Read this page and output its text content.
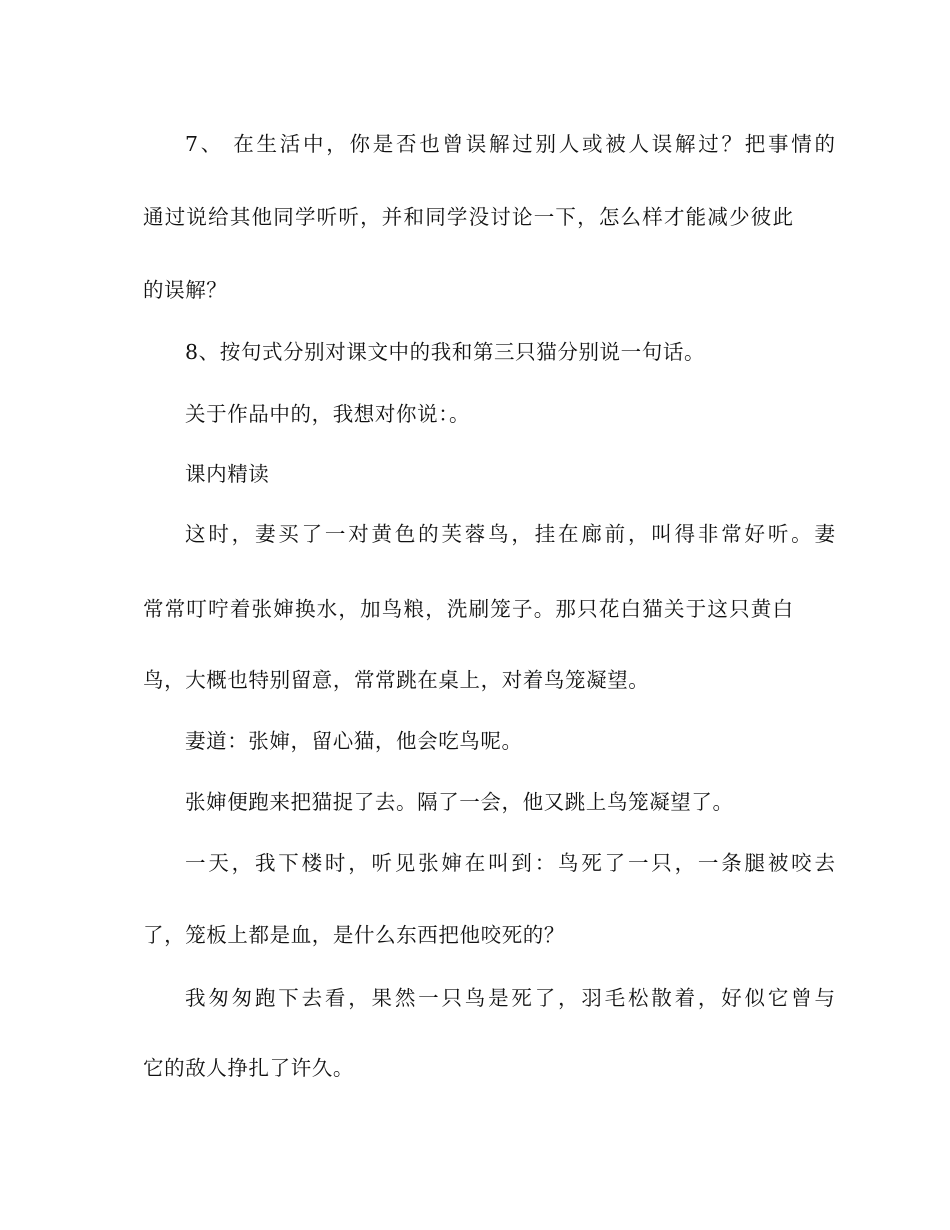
7、 在生活中，你是否也曾误解过别人或被人误解过？把事情的
通过说给其他同学听听，并和同学没讨论一下，怎么样才能减少彼此
的误解？
8、按句式分别对课文中的我和第三只猫分别说一句话。
关于作品中的，我想对你说：。
课内精读
这时，妻买了一对黄色的芙蓉鸟，挂在廊前，叫得非常好听。妻
常常叮咛着张婶换水，加鸟粮，洗刷笼子。那只花白猫关于这只黄白
鸟，大概也特别留意，常常跳在桌上，对着鸟笼凝望。
妻道：张婶，留心猫，他会吃鸟呢。
张婶便跑来把猫捉了去。隔了一会，他又跳上鸟笼凝望了。
一天，我下楼时，听见张婶在叫到：鸟死了一只，一条腿被咬去
了，笼板上都是血，是什么东西把他咬死的？
我匆匆跑下去看，果然一只鸟是死了，羽毛松散着，好似它曾与
它的敌人挣扎了许久。
